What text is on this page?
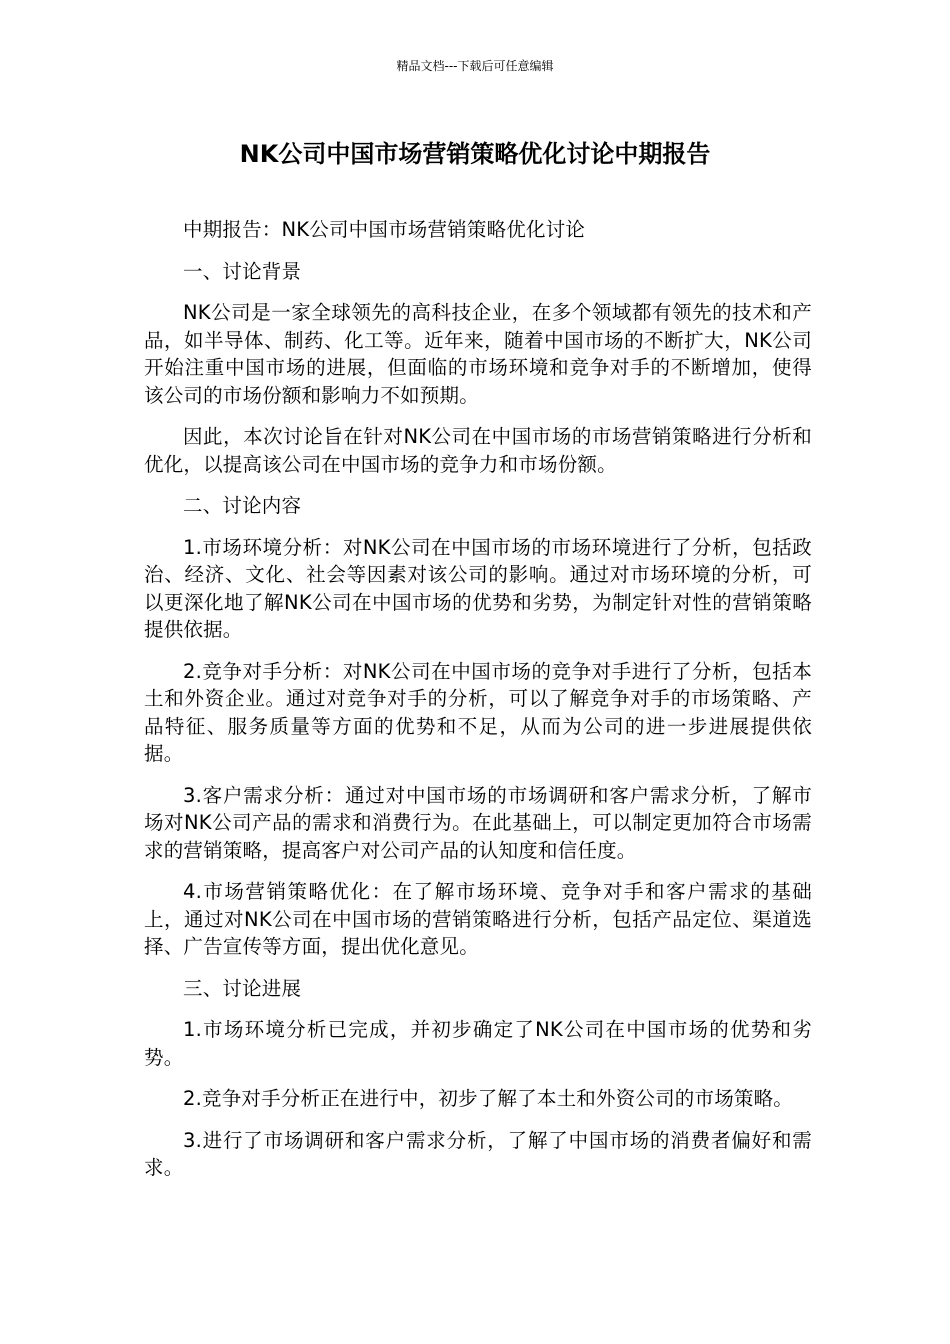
精品文档---下载后可任意编辑
NK公司中国市场营销策略优化讨论中期报告

中期报告：NK公司中国市场营销策略优化讨论

一、讨论背景

NK公司是一家全球领先的高科技企业，在多个领域都有领先的技术和产品，如半导体、制药、化工等。近年来，随着中国市场的不断扩大，NK公司开始注重中国市场的进展，但面临的市场环境和竞争对手的不断增加，使得该公司的市场份额和影响力不如预期。

因此，本次讨论旨在针对NK公司在中国市场的市场营销策略进行分析和优化，以提高该公司在中国市场的竞争力和市场份额。

二、讨论内容

1.市场环境分析：对NK公司在中国市场的市场环境进行了分析，包括政治、经济、文化、社会等因素对该公司的影响。通过对市场环境的分析，可以更深化地了解NK公司在中国市场的优势和劣势，为制定针对性的营销策略提供依据。

2.竞争对手分析：对NK公司在中国市场的竞争对手进行了分析，包括本土和外资企业。通过对竞争对手的分析，可以了解竞争对手的市场策略、产品特征、服务质量等方面的优势和不足，从而为公司的进一步进展提供依据。

3.客户需求分析：通过对中国市场的市场调研和客户需求分析，了解市场对NK公司产品的需求和消费行为。在此基础上，可以制定更加符合市场需求的营销策略，提高客户对公司产品的认知度和信任度。

4.市场营销策略优化：在了解市场环境、竞争对手和客户需求的基础上，通过对NK公司在中国市场的营销策略进行分析，包括产品定位、渠道选择、广告宣传等方面，提出优化意见。

三、讨论进展

1.市场环境分析已完成，并初步确定了NK公司在中国市场的优势和劣势。

2.竞争对手分析正在进行中，初步了解了本土和外资公司的市场策略。

3.进行了市场调研和客户需求分析，了解了中国市场的消费者偏好和需求。
